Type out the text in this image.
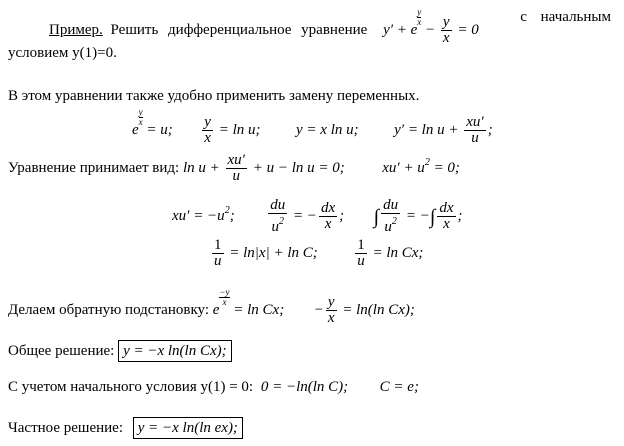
Пример. Решить дифференциальное уравнение $y' + e\frac{y}{x}$
− $\frac{y}{x} = 0$
с начальным
условием y(1)=0.
В этом уравнении также удобно применить замену переменных.
$e\frac{y}{x}$
= u; $\frac{y}{x} = \ln u$;  y = x ln u;  $y' = \ln u + \frac{xu'}{u}$ ;
Уравнение принимает вид: $\ln u + \frac{xu'}{u} + u - \ln u = 0$;  $xu' + u^2 = 0$;
$xu' = -u^2$; $\frac{du}{u^2}$ = − $\frac{dx}{x}$ ;  ∫ $\frac{du}{u^2}$ = −∫ $\frac{dx}{x}$ ;
$\frac{1}{u} = \ln|x| + \ln C$; $\frac{1}{u} = \ln Cx$;
Делаем обратную подстановку: $e\frac{-y}{x}$
= ln Cx;  − $\frac{y}{x} = \ln(\ln$ Cx);
Общее решение: y = −x ln(ln Cx);
С учетом начального условия y(1) = 0: 0 = −ln(ln C);  C = e;
Частное решение: y = −x ln(ln ex);
